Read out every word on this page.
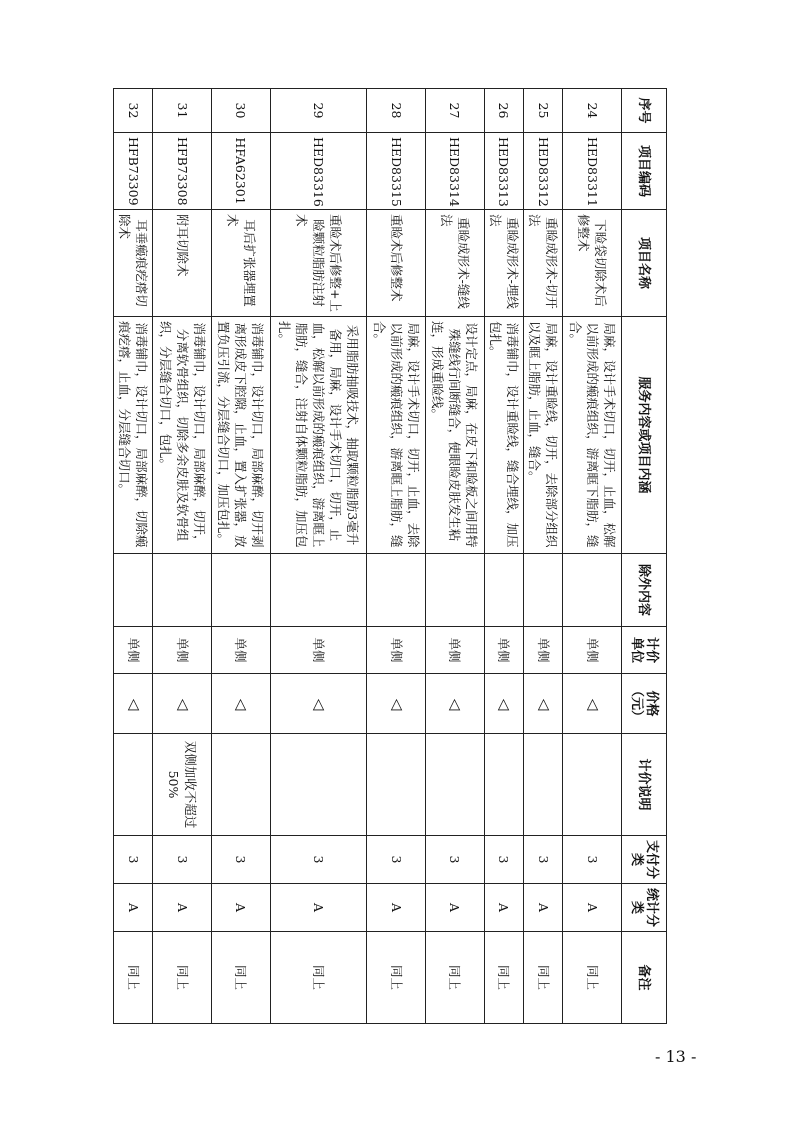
序号	项目编码	项目名称	服务内容或项目内涵	除外内容	计价单位	价格（元）	计价说明	支付分类	统计分类	备注
24	HED83311	下睑袋切除术后修整术	局麻，设计手术切口，切开，止血，松解以前形成的瘢痕组织，游离眶下脂肪，缝合。		单侧	△		3	A	同上
25	HED83312	重睑成形术-切开法	局麻，设计重睑线，切开，去除部分组织以及眶上脂肪，止血，缝合。		单侧	△		3	A	同上
26	HED83313	重睑成形术-埋线法	消毒铺巾，设计重睑线，缝合埋线，加压包扎。		单侧	△		3	A	同上
27	HED83314	重睑成形术-缝线法	设计定点，局麻，在皮下和睑板之间用特殊缝线行间断缝合，使眼睑皮肤发生粘连，形成重睑线。		单侧	△		3	A	同上
28	HED83315	重睑术后修整术	局麻，设计手术切口，切开，止血，去除以前形成的瘢痕组织，游离眶上脂肪，缝合。		单侧	△		3	A	同上
29	HED83316	重睑术后修整+上睑颗粒脂肪注射术	采用脂肪抽吸技术，抽取颗粒脂肪3毫升备用，局麻，设计手术切口，切开，止血，松解以前形成的瘢痕组织，游离眶上脂肪，缝合，注射自体颗粒脂肪，加压包扎。		单侧	△		3	A	同上
30	HFA62301	耳后扩张器埋置术	消毒铺巾，设计切口，局部麻醉，切开剥离形成皮下腔隙，止血，置入扩张器，放置负压引流，分层缝合切口，加压包扎。		单侧	△		3	A	同上
31	HFB73308	附耳切除术	消毒铺巾，设计切口，局部麻醉，切开，分离软骨组织，切除多余皮肤及软骨组织，分层缝合切口，包扎。		单侧	△	双侧加收不超过50%	3	A	同上
32	HFB73309	耳垂瘢痕疙瘩切除术	消毒铺巾，设计切口，局部麻醉，切除瘢痕疙瘩，止血，分层缝合切口。		单侧	△		3	A	同上
- 13 -
